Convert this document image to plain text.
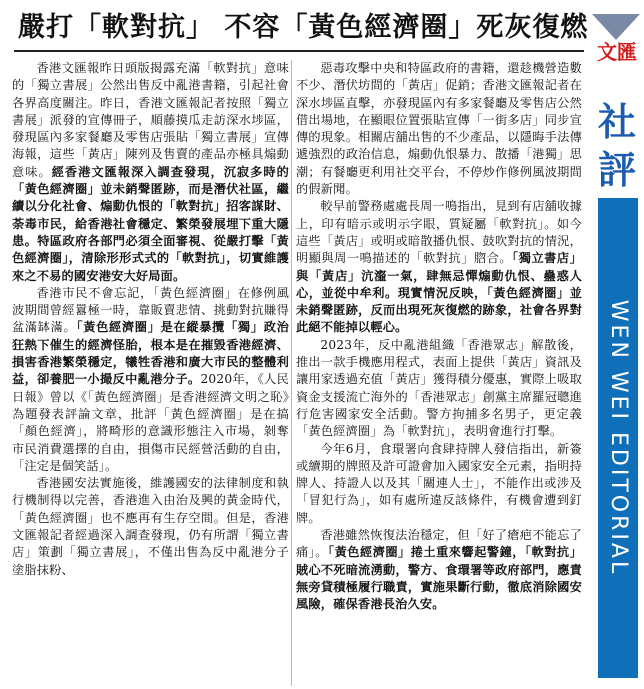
嚴打「軟對抗」 不容「黃色經濟圈」死灰復燃

香港文匯報昨日頭版揭露充滿「軟對抗」意味的「獨立書展」公然出售反中亂港書籍，引起社會各界高度關注。昨日，香港文匯報記者按照「獨立書展」派發的宣傳冊子，順藤摸瓜走訪深水埗區，發現區內多家餐廳及零售店張貼「獨立書展」宣傳海報，這些「黃店」陳列及售賣的產品亦極具煽動意味。經香港文匯報深入調查發現，沉寂多時的「黃色經濟圈」並未銷聲匿跡，而是潛伏社區，繼續以分化社會、煽動仇恨的「軟對抗」招客謀財、荼毒市民，給香港社會穩定、繁榮發展埋下重大隱患。特區政府各部門必須全面審視、從嚴打擊「黃色經濟圈」，清除形形式式的「軟對抗」，切實維護來之不易的國安港安大好局面。

香港市民不會忘記，「黃色經濟圈」在修例風波期間曾經囂極一時，靠販賣悲情、挑動對抗賺得盆滿缽滿。「黃色經濟圈」是在縱暴攬「獨」政治狂熱下催生的經濟怪胎，根本是在摧毀香港經濟、損害香港繁榮穩定，犧牲香港和廣大市民的整體利益，卻養肥一小撮反中亂港分子。2020年，《人民日報》曾以《「黃色經濟圈」是香港經濟文明之恥》為題發表評論文章，批評「黃色經濟圈」是在搞「顏色經濟」，將畸形的意識形態注入市場，剝奪市民消費選擇的自由，損傷市民經營活動的自由，「注定是個笑話」。

香港國安法實施後，維護國安的法律制度和執行機制得以完善，香港進入由治及興的黃金時代，「黃色經濟圈」也不應再有生存空間。但是，香港文匯報記者經過深入調查發現，仍有所謂「獨立書店」策劃「獨立書展」，不僅出售為反中亂港分子塗脂抹粉、

惡毒攻擊中央和特區政府的書籍，還趁機營造數不少、潛伏坊間的「黃店」促銷；香港文匯報記者在深水埗區直擊，亦發現區內有多家餐廳及零售店公然借出場地，在顯眼位置張貼宣傳「一街多店」同步宣傳的現象。相關店舖出售的不少產品，以隱晦手法傳遞強烈的政治信息，煽動仇恨暴力、散播「港獨」思潮；有餐廳更利用社交平台，不停炒作修例風波期間的假新聞。

較早前警務處處長周一鳴指出，見到有店舖收據上，印有暗示或明示字眼，質疑屬「軟對抗」。如今這些「黃店」或明或暗散播仇恨、鼓吹對抗的情況，明顯與周一鳴描述的「軟對抗」脗合。「獨立書店」與「黃店」沆瀣一氣，肆無忌憚煽動仇恨、蠱惑人心，並從中牟利。現實情況反映，「黃色經濟圈」並未銷聲匿跡，反而出現死灰復燃的跡象，社會各界對此絕不能掉以輕心。

2023年，反中亂港組織「香港眾志」解散後，推出一款手機應用程式，表面上提供「黃店」資訊及讓用家透過充值「黃店」獲得積分優惠，實際上吸取資金支援流亡海外的「香港眾志」創黨主席羅冠聰進行危害國家安全活動。警方拘捕多名男子，更定義「黃色經濟圈」為「軟對抗」，表明會進行打擊。

今年6月，食環署向食肆持牌人發信指出，新簽或續期的牌照及許可證會加入國家安全元素，指明持牌人、持證人以及其「關連人士」，不能作出或涉及「冒犯行為」，如有處所違反該條件，有機會遭到釘牌。

香港雖然恢復法治穩定，但「好了瘡疤不能忘了痛」。「黃色經濟圈」捲土重來響起警鐘，「軟對抗」賊心不死暗流湧動，警方、食環署等政府部門，應責無旁貸積極履行職責，實施果斷行動，徹底消除國安風險，確保香港長治久安。

文匯
社評
WEN WEI EDITORIAL
